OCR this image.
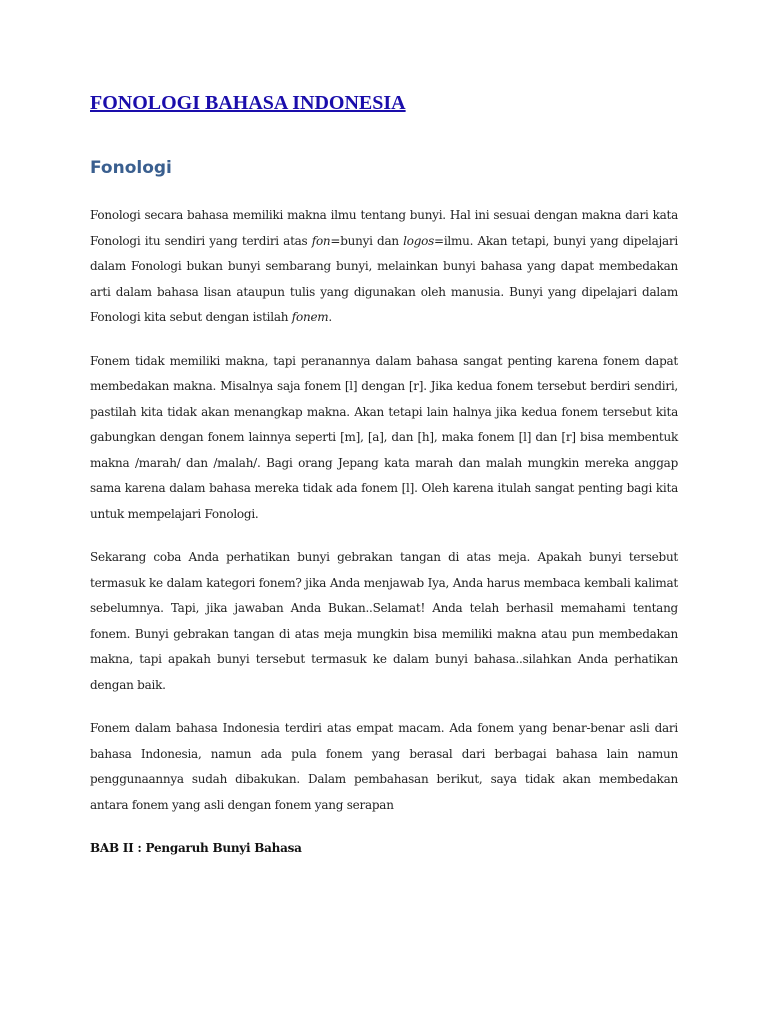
FONOLOGI BAHASA INDONESIA
Fonologi

Fonologi secara bahasa memiliki makna ilmu tentang bunyi. Hal ini sesuai dengan makna dari kata Fonologi itu sendiri yang terdiri atas fon=bunyi dan logos=ilmu. Akan tetapi, bunyi yang dipelajari dalam Fonologi bukan bunyi sembarang bunyi, melainkan bunyi bahasa yang dapat membedakan arti dalam bahasa lisan ataupun tulis yang digunakan oleh manusia. Bunyi yang dipelajari dalam Fonologi kita sebut dengan istilah fonem.

Fonem tidak memiliki makna, tapi peranannya dalam bahasa sangat penting karena fonem dapat membedakan makna. Misalnya saja fonem [l] dengan [r]. Jika kedua fonem tersebut berdiri sendiri, pastilah kita tidak akan menangkap makna. Akan tetapi lain halnya jika kedua fonem tersebut kita gabungkan dengan fonem lainnya seperti [m], [a], dan [h], maka fonem [l] dan [r] bisa membentuk makna /marah/ dan /malah/. Bagi orang Jepang kata marah dan malah mungkin mereka anggap sama karena dalam bahasa mereka tidak ada fonem [l]. Oleh karena itulah sangat penting bagi kita untuk mempelajari Fonologi.

Sekarang coba Anda perhatikan bunyi gebrakan tangan di atas meja. Apakah bunyi tersebut termasuk ke dalam kategori fonem? jika Anda menjawab Iya, Anda harus membaca kembali kalimat sebelumnya. Tapi, jika jawaban Anda Bukan..Selamat! Anda telah berhasil memahami tentang fonem. Bunyi gebrakan tangan di atas meja mungkin bisa memiliki makna atau pun membedakan makna, tapi apakah bunyi tersebut termasuk ke dalam bunyi bahasa..silahkan Anda perhatikan dengan baik.

Fonem dalam bahasa Indonesia terdiri atas empat macam. Ada fonem yang benar-benar asli dari bahasa Indonesia, namun ada pula fonem yang berasal dari berbagai bahasa lain namun penggunaannya sudah dibakukan. Dalam pembahasan berikut, saya tidak akan membedakan antara fonem yang asli dengan fonem yang serapan

BAB II : Pengaruh Bunyi Bahasa
